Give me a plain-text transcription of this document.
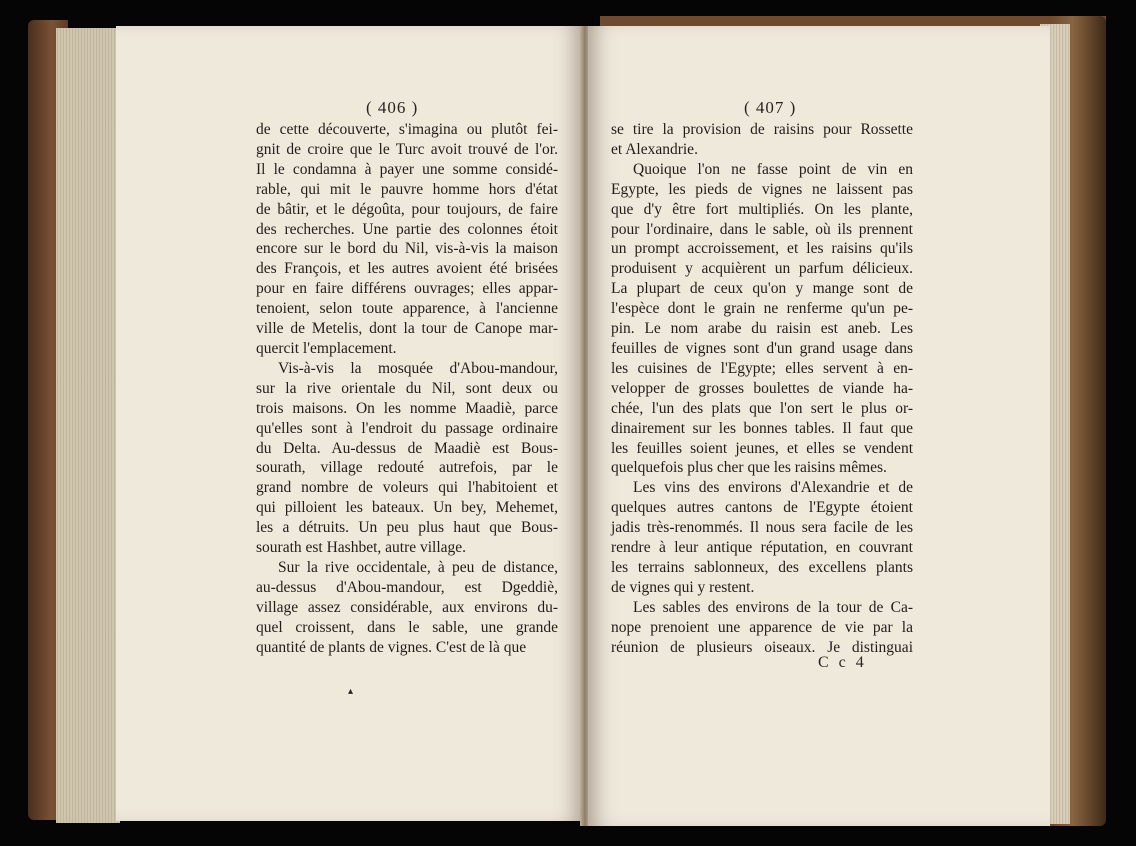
( 406 )
de cette découverte, s'imagina ou plutôt fei-
gnit de croire que le Turc avoit trouvé de l'or.
Il le condamna à payer une somme considé-
rable, qui mit le pauvre homme hors d'état
de bâtir, et le dégoûta, pour toujours, de faire
des recherches. Une partie des colonnes étoit
encore sur le bord du Nil, vis-à-vis la maison
des François, et les autres avoient été brisées
pour en faire différens ouvrages; elles appar-
tenoient, selon toute apparence, à l'ancienne
ville de Metelis, dont la tour de Canope mar-
quercit l'emplacement.
Vis-à-vis la mosquée d'Abou-mandour,
sur la rive orientale du Nil, sont deux ou
trois maisons. On les nomme Maadiè, parce
qu'elles sont à l'endroit du passage ordinaire
du Delta. Au-dessus de Maadiè est Bous-
sourath, village redouté autrefois, par le
grand nombre de voleurs qui l'habitoient et
qui pilloient les bateaux. Un bey, Mehemet,
les a détruits. Un peu plus haut que Bous-
sourath est Hashbet, autre village.
Sur la rive occidentale, à peu de distance,
au-dessus d'Abou-mandour, est Dgeddiè,
village assez considérable, aux environs du-
quel croissent, dans le sable, une grande
quantité de plants de vignes. C'est de là que
▴
( 407 )
se tire la provision de raisins pour Rossette
et Alexandrie.
Quoique l'on ne fasse point de vin en
Egypte, les pieds de vignes ne laissent pas
que d'y être fort multipliés. On les plante,
pour l'ordinaire, dans le sable, où ils prennent
un prompt accroissement, et les raisins qu'ils
produisent y acquièrent un parfum délicieux.
La plupart de ceux qu'on y mange sont de
l'espèce dont le grain ne renferme qu'un pe-
pin. Le nom arabe du raisin est aneb. Les
feuilles de vignes sont d'un grand usage dans
les cuisines de l'Egypte; elles servent à en-
velopper de grosses boulettes de viande ha-
chée, l'un des plats que l'on sert le plus or-
dinairement sur les bonnes tables. Il faut que
les feuilles soient jeunes, et elles se vendent
quelquefois plus cher que les raisins mêmes.
Les vins des environs d'Alexandrie et de
quelques autres cantons de l'Egypte étoient
jadis très-renommés. Il nous sera facile de les
rendre à leur antique réputation, en couvrant
les terrains sablonneux, des excellens plants
de vignes qui y restent.
Les sables des environs de la tour de Ca-
nope prenoient une apparence de vie par la
réunion de plusieurs oiseaux. Je distinguai
C c 4
